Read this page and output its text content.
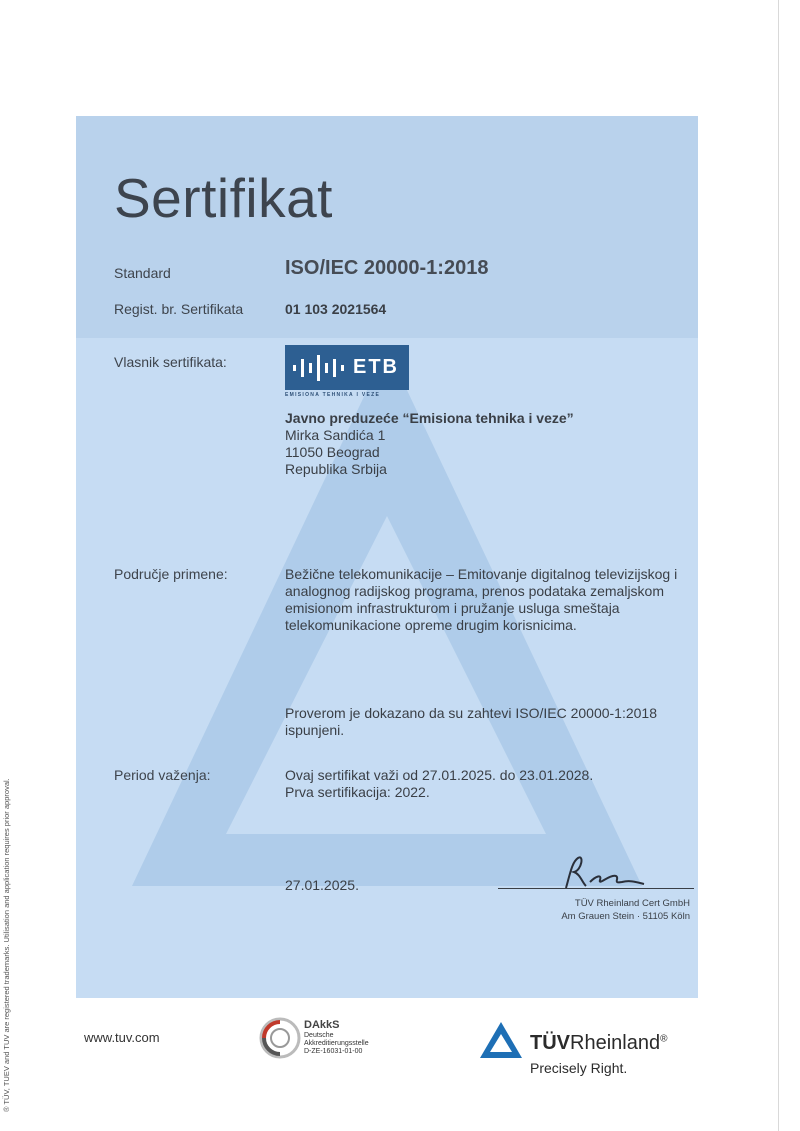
® TÜV, TUEV and TUV are registered trademarks. Utilisation and application requires prior approval.
Sertifikat
Standard	ISO/IEC 20000-1:2018
Regist. br. Sertifikata	01 103 2021564
Vlasnik sertifikata:	ETB
EMISIONA TEHNIKA I VEZE
Javno preduzeće “Emisiona tehnika i veze”
Mirka Sandića 1
11050 Beograd
Republika Srbija
Područje primene:	Bežične telekomunikacije – Emitovanje digitalnog televizijskog i
analognog radijskog programa, prenos podataka zemaljskom
emisionom infrastrukturom i pružanje usluga smeštaja
telekomunikacione opreme drugim korisnicima.
Proverom je dokazano da su zahtevi ISO/IEC 20000-1:2018
ispunjeni.
Period važenja:	Ovaj sertifikat važi od 27.01.2025. do 23.01.2028.
Prva sertifikacija: 2022.
27.01.2025.
TÜV Rheinland Cert GmbH
Am Grauen Stein · 51105 Köln
www.tuv.com
DAkkS
Deutsche
Akkreditierungsstelle
D-ZE-16031-01-00	TÜVRheinland®
Precisely Right.
